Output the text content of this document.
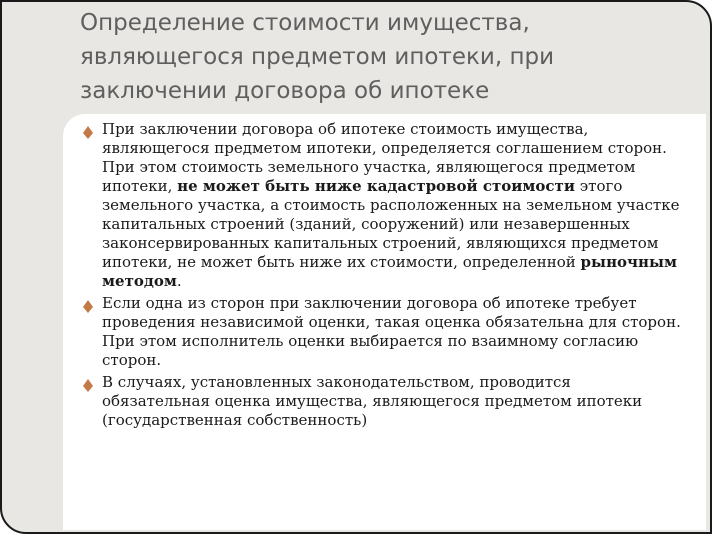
Определение стоимости имущества, являющегося предметом ипотеки, при заключении договора об ипотеке
При заключении договора об ипотеке стоимость имущества, являющегося предметом ипотеки, определяется соглашением сторон. При этом стоимость земельного участка, являющегося предметом ипотеки, не может быть ниже кадастровой стоимости этого земельного участка, а стоимость расположенных на земельном участке капитальных строений (зданий, сооружений) или незавершенных законсервированных капитальных строений, являющихся предметом ипотеки, не может быть ниже их стоимости, определенной рыночным методом.
Если одна из сторон при заключении договора об ипотеке требует проведения независимой оценки, такая оценка обязательна для сторон. При этом исполнитель оценки выбирается по взаимному согласию сторон.
В случаях, установленных законодательством, проводится обязательная оценка имущества, являющегося предметом ипотеки (государственная собственность)
